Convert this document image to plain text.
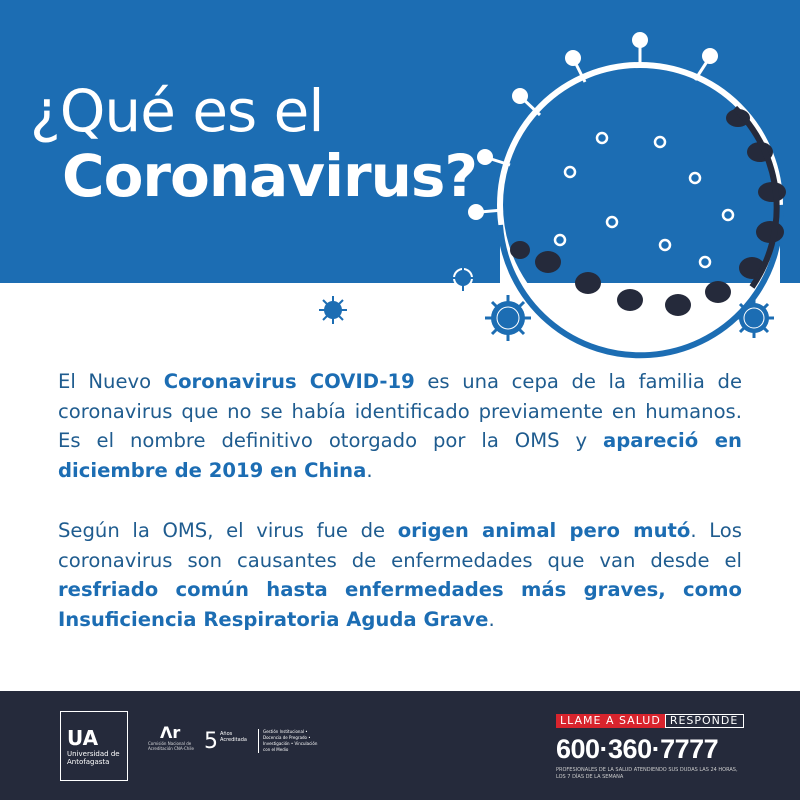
¿Qué es el
Coronavirus?
El Nuevo Coronavirus COVID-19 es una cepa de la familia de coronavirus que no se había identificado previamente en humanos. Es el nombre definitivo otorgado por la OMS y apareció en diciembre de 2019 en China.
Según la OMS, el virus fue de origen animal pero mutó. Los coronavirus son causantes de enfermedades que van desde el resfriado común hasta enfermedades más graves, como Insuficiencia Respiratoria Aguda Grave.
UA
Universidad de Antofagasta
Λr
Comisión Nacional de Acreditación CNA-Chile 5 Años Acreditada
Gestión Institucional • Docencia de Pregrado • Investigación • Vinculación con el Medio
LLAME A SALUD RESPONDE
600·360·7777
PROFESIONALES DE LA SALUD ATENDIENDO SUS DUDAS LAS 24 HORAS, LOS 7 DÍAS DE LA SEMANA
